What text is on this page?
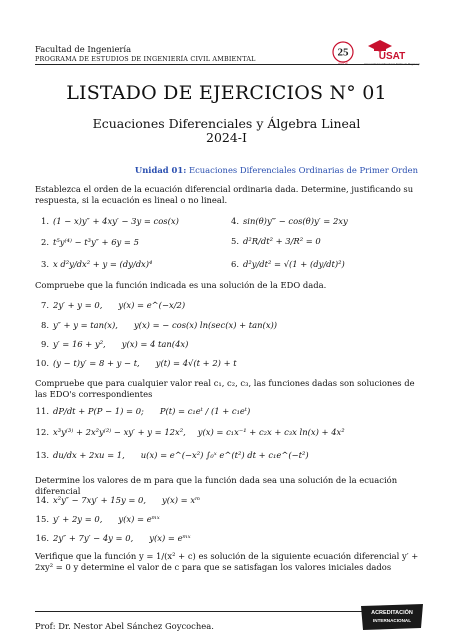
Facultad de Ingeniería
PROGRAMA DE ESTUDIOS DE INGENIERÍA CIVIL AMBIENTAL
25
AÑOS
USAT
Universidad Católica Santo Toribio de Mogrovejo
LISTADO DE EJERCICIOS N° 01
Ecuaciones Diferenciales y Álgebra Lineal
2024-I
Unidad 01: Ecuaciones Diferenciales Ordinarias de Primer Orden
Establezca el orden de la ecuación diferencial ordinaria dada. Determine, justificando su respuesta, si la ecuación es lineal o no lineal.
1. (1 − x)y″ + 4xy′ − 3y = cos(x)
2. t⁵y⁽⁴⁾ − t³y″ + 6y = 5
3. x d²y/dx² + y = (dy/dx)⁴
4. sin(θ)y‴ − cos(θ)y′ = 2xy
5. d²R/dt² + 3/R² = 0
6. d²y/dt² = √(1 + (dy/dt)²)
Compruebe que la función indicada es una solución de la EDO dada.
7. 2y′ + y = 0, y(x) = e^(−x/2)
8. y″ + y = tan(x), y(x) = − cos(x) ln(sec(x) + tan(x))
9. y′ = 16 + y², y(x) = 4 tan(4x)
10. (y − t)y′ = 8 + y − t, y(t) = 4√(t + 2) + t
Compruebe que para cualquier valor real c₁, c₂, c₃, las funciones dadas son soluciones de las EDO's correspondientes
11. dP/dt + P(P − 1) = 0; P(t) = c₁eᵗ / (1 + c₁eᵗ)
12. x³y⁽³⁾ + 2x²y⁽²⁾ − xy′ + y = 12x², y(x) = c₁x⁻¹ + c₂x + c₃x ln(x) + 4x²
13. du/dx + 2xu = 1, u(x) = e^(−x²) ∫₀ˣ e^(t²) dt + c₁e^(−t²)
Determine los valores de m para que la función dada sea una solución de la ecuación diferencial
14. x²y″ − 7xy′ + 15y = 0, y(x) = xᵐ
15. y′ + 2y = 0, y(x) = eᵐˣ
16. 2y″ + 7y′ − 4y = 0, y(x) = eᵐˣ
Verifique que la función y = 1/(x² + c) es solución de la siguiente ecuación diferencial y′ + 2xy² = 0 y determine el valor de c para que se satisfagan los valores iniciales dados
Prof: Dr. Nestor Abel Sánchez Goycochea.
ACREDITACIÓN
INTERNACIONAL
